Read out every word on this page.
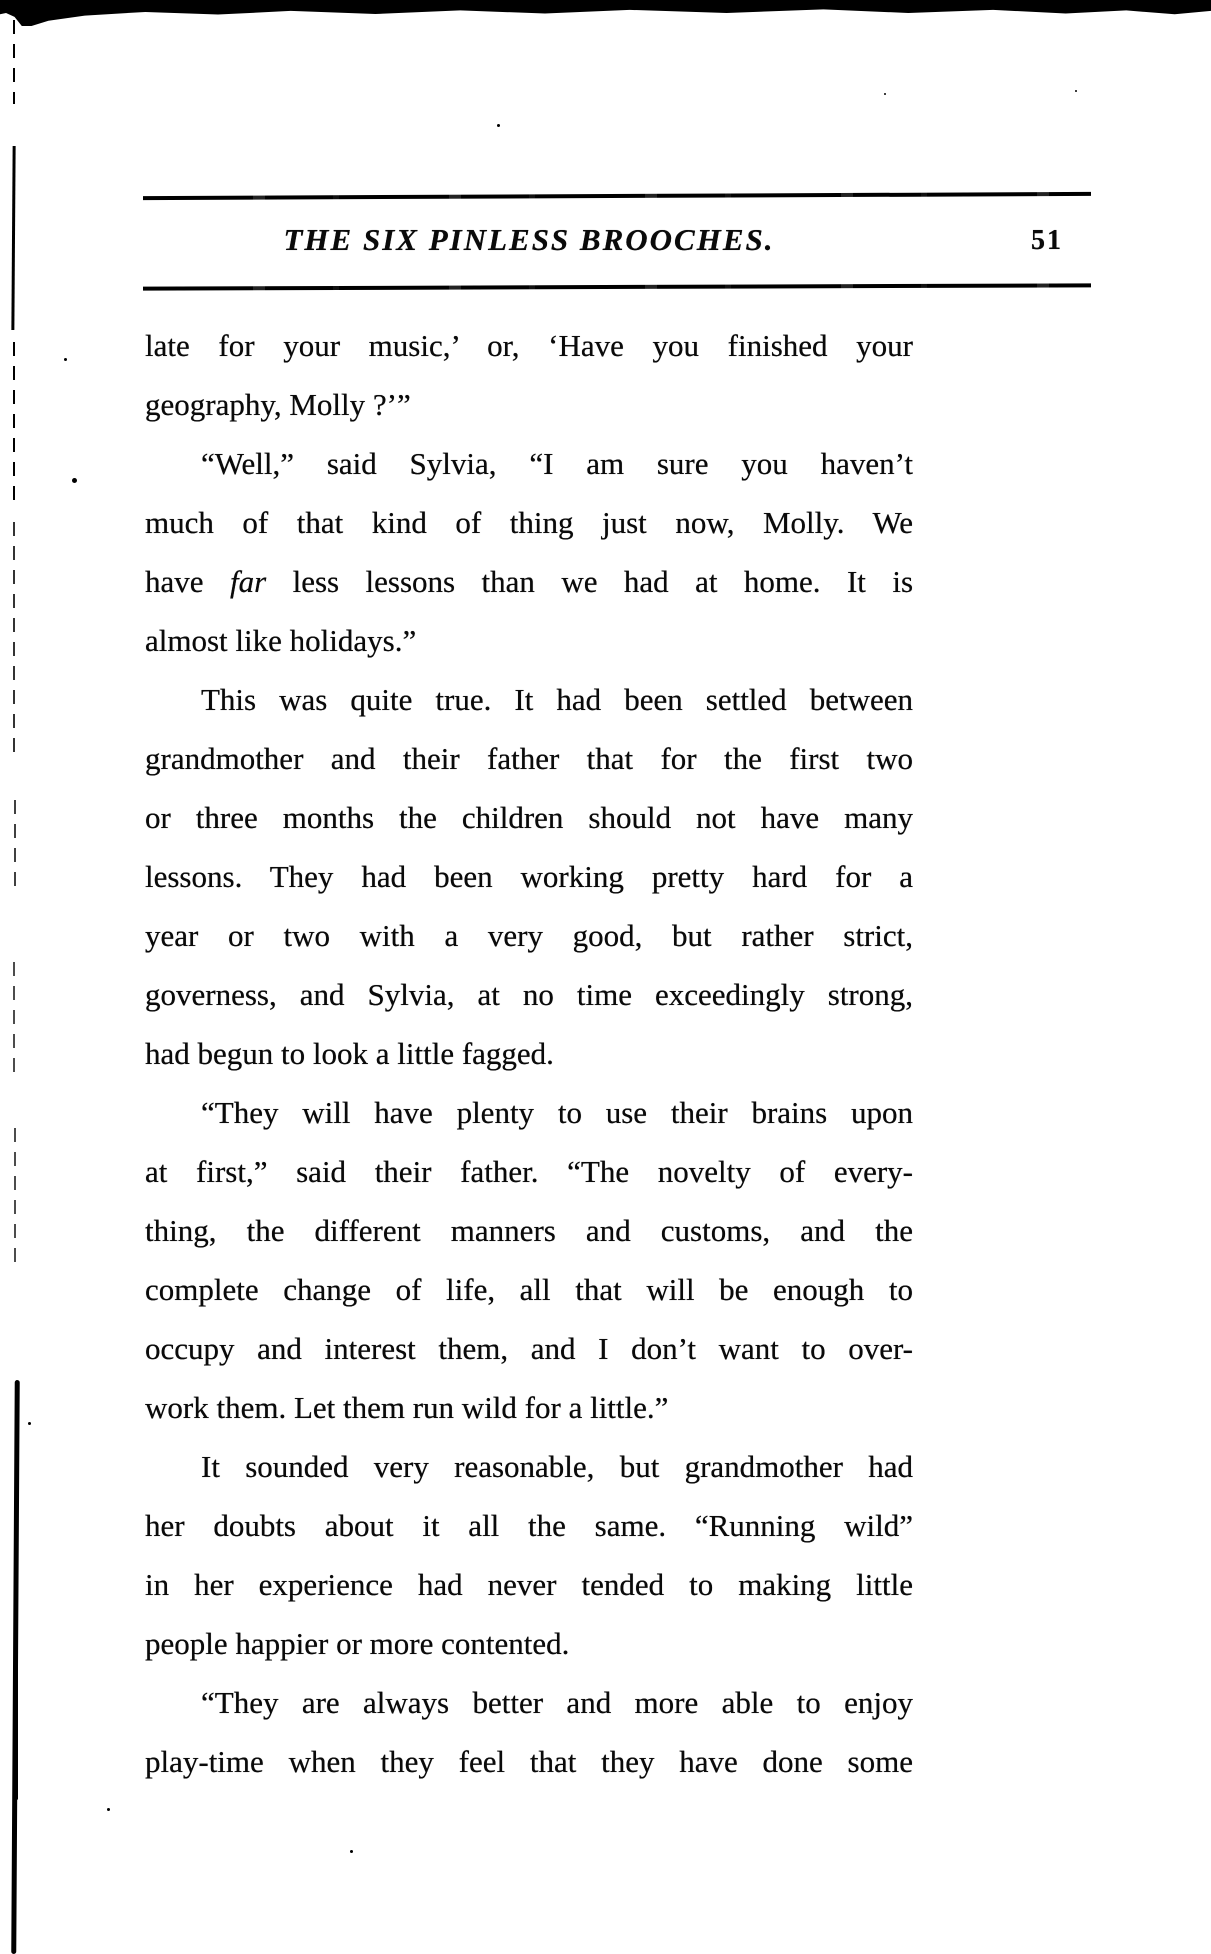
THE SIX PINLESS BROOCHES.	51
late for your music,’ or, ‘Have you finished your
geography, Molly ?’”
“Well,” said Sylvia, “I am sure you haven’t
much of that kind of thing just now, Molly. We
have far less lessons than we had at home. It is
almost like holidays.”
This was quite true. It had been settled between
grandmother and their father that for the first two
or three months the children should not have many
lessons. They had been working pretty hard for a
year or two with a very good, but rather strict,
governess, and Sylvia, at no time exceedingly strong,
had begun to look a little fagged.
“They will have plenty to use their brains upon
at first,” said their father. “The novelty of every-
thing, the different manners and customs, and the
complete change of life, all that will be enough to
occupy and interest them, and I don’t want to over-
work them. Let them run wild for a little.”
It sounded very reasonable, but grandmother had
her doubts about it all the same. “Running wild”
in her experience had never tended to making little
people happier or more contented.
“They are always better and more able to enjoy
play-time when they feel that they have done some
